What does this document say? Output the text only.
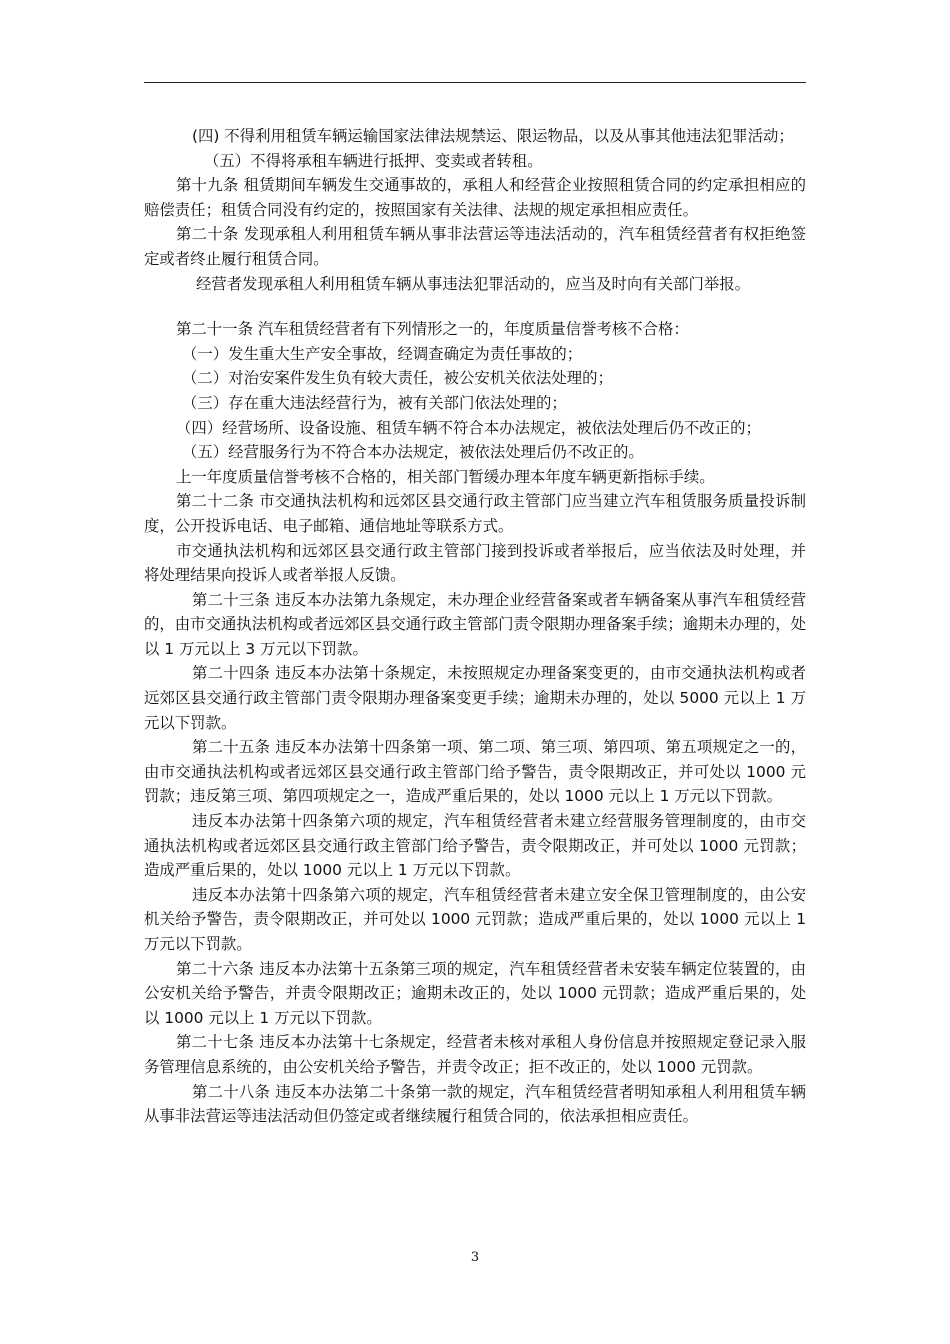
(四) 不得利用租赁车辆运输国家法律法规禁运、限运物品，以及从事其他违法犯罪活动；

（五）不得将承租车辆进行抵押、变卖或者转租。

第十九条 租赁期间车辆发生交通事故的，承租人和经营企业按照租赁合同的约定承担相应的赔偿责任；租赁合同没有约定的，按照国家有关法律、法规的规定承担相应责任。

第二十条 发现承租人利用租赁车辆从事非法营运等违法活动的，汽车租赁经营者有权拒绝签定或者终止履行租赁合同。

经营者发现承租人利用租赁车辆从事违法犯罪活动的，应当及时向有关部门举报。

第二十一条 汽车租赁经营者有下列情形之一的，年度质量信誉考核不合格：

（一）发生重大生产安全事故，经调查确定为责任事故的；

（二）对治安案件发生负有较大责任，被公安机关依法处理的；

（三）存在重大违法经营行为，被有关部门依法处理的；

（四）经营场所、设备设施、租赁车辆不符合本办法规定，被依法处理后仍不改正的；

（五）经营服务行为不符合本办法规定，被依法处理后仍不改正的。

上一年度质量信誉考核不合格的，相关部门暂缓办理本年度车辆更新指标手续。

第二十二条 市交通执法机构和远郊区县交通行政主管部门应当建立汽车租赁服务质量投诉制度，公开投诉电话、电子邮箱、通信地址等联系方式。

市交通执法机构和远郊区县交通行政主管部门接到投诉或者举报后，应当依法及时处理，并将处理结果向投诉人或者举报人反馈。

第二十三条 违反本办法第九条规定，未办理企业经营备案或者车辆备案从事汽车租赁经营的，由市交通执法机构或者远郊区县交通行政主管部门责令限期办理备案手续；逾期未办理的，处以 1 万元以上 3 万元以下罚款。

第二十四条 违反本办法第十条规定，未按照规定办理备案变更的，由市交通执法机构或者远郊区县交通行政主管部门责令限期办理备案变更手续；逾期未办理的，处以 5000 元以上 1 万元以下罚款。

第二十五条 违反本办法第十四条第一项、第二项、第三项、第四项、第五项规定之一的，由市交通执法机构或者远郊区县交通行政主管部门给予警告，责令限期改正，并可处以 1000 元罚款；违反第三项、第四项规定之一，造成严重后果的，处以 1000 元以上 1 万元以下罚款。

违反本办法第十四条第六项的规定，汽车租赁经营者未建立经营服务管理制度的，由市交通执法机构或者远郊区县交通行政主管部门给予警告，责令限期改正，并可处以 1000 元罚款；造成严重后果的，处以 1000 元以上 1 万元以下罚款。

违反本办法第十四条第六项的规定，汽车租赁经营者未建立安全保卫管理制度的，由公安机关给予警告，责令限期改正，并可处以 1000 元罚款；造成严重后果的，处以 1000 元以上 1 万元以下罚款。

第二十六条 违反本办法第十五条第三项的规定，汽车租赁经营者未安装车辆定位装置的，由公安机关给予警告，并责令限期改正；逾期未改正的，处以 1000 元罚款；造成严重后果的，处以 1000 元以上 1 万元以下罚款。

第二十七条 违反本办法第十七条规定，经营者未核对承租人身份信息并按照规定登记录入服务管理信息系统的，由公安机关给予警告，并责令改正；拒不改正的，处以 1000 元罚款。

第二十八条 违反本办法第二十条第一款的规定，汽车租赁经营者明知承租人利用租赁车辆从事非法营运等违法活动但仍签定或者继续履行租赁合同的，依法承担相应责任。

3
